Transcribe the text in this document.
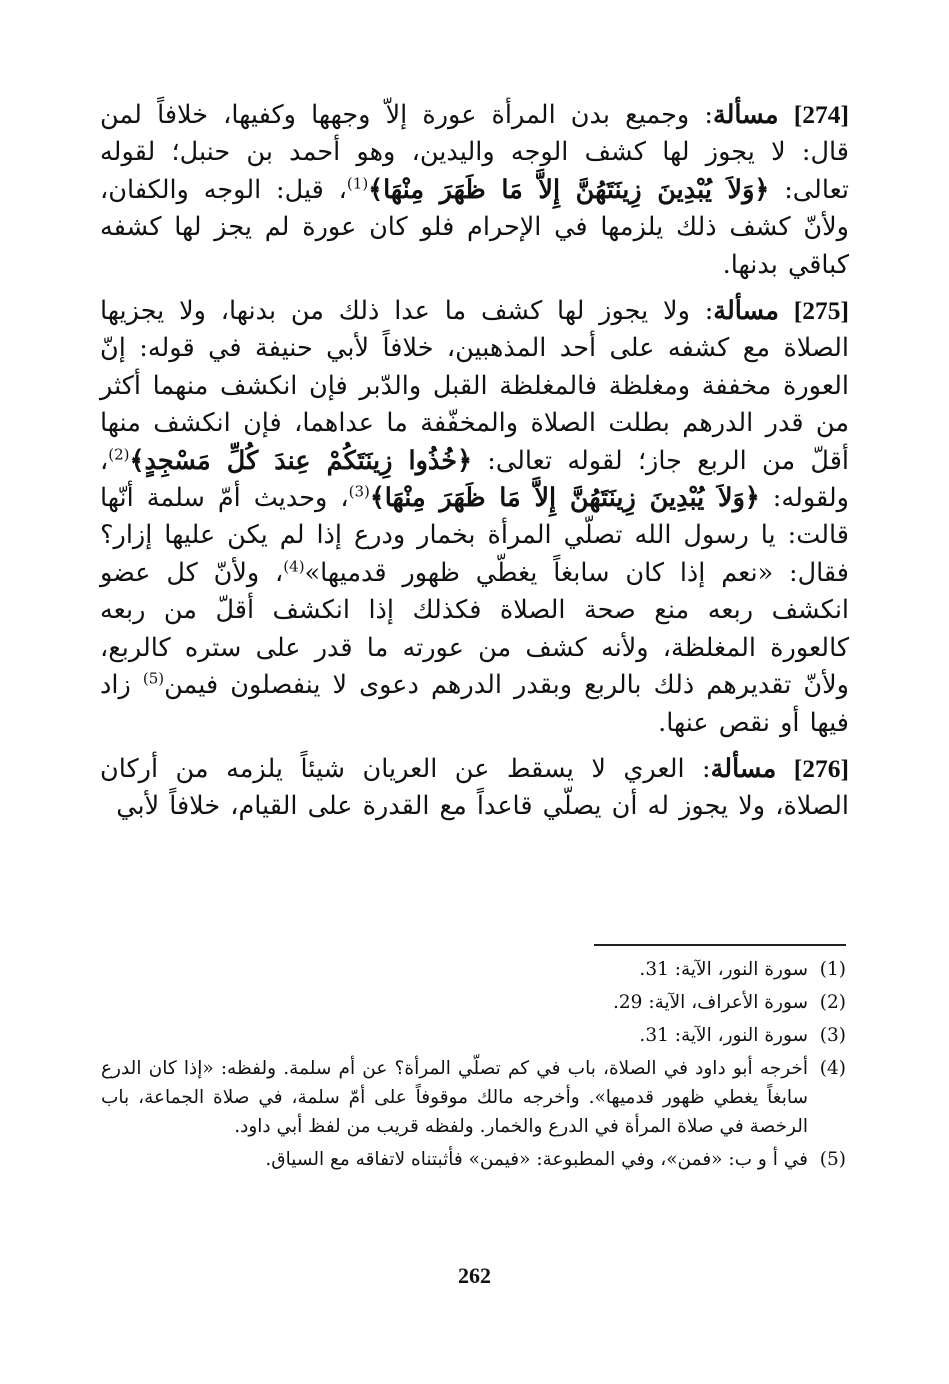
[274] مسألة: وجميع بدن المرأة عورة إلاّ وجهها وكفيها، خلافاً لمن قال: لا يجوز لها كشف الوجه واليدين، وهو أحمد بن حنبل؛ لقوله تعالى: ﴿وَلاَ يُبْدِينَ زِينَتَهُنَّ إِلاَّ مَا ظَهَرَ مِنْهَا﴾$^{(1)}$، قيل: الوجه والكفان، ولأنّ كشف ذلك يلزمها في الإحرام فلو كان عورة لم يجز لها كشفه كباقي بدنها.

[275] مسألة: ولا يجوز لها كشف ما عدا ذلك من بدنها، ولا يجزيها الصلاة مع كشفه على أحد المذهبين، خلافاً لأبي حنيفة في قوله: إنّ العورة مخففة ومغلظة فالمغلظة القبل والدّبر فإن انكشف منهما أكثر من قدر الدرهم بطلت الصلاة والمخفّفة ما عداهما، فإن انكشف منها أقلّ من الربع جاز؛ لقوله تعالى: ﴿خُذُوا زِينَتَكُمْ عِندَ كُلِّ مَسْجِدٍ﴾$^{(2)}$، ولقوله: ﴿وَلاَ يُبْدِينَ زِينَتَهُنَّ إِلاَّ مَا ظَهَرَ مِنْهَا﴾$^{(3)}$، وحديث أمّ سلمة أنّها قالت: يا رسول الله تصلّي المرأة بخمار ودرع إذا لم يكن عليها إزار؟ فقال: «نعم إذا كان سابغاً يغطّي ظهور قدميها»$^{(4)}$، ولأنّ كل عضو انكشف ربعه منع صحة الصلاة فكذلك إذا انكشف أقلّ من ربعه كالعورة المغلظة، ولأنه كشف من عورته ما قدر على ستره كالربع، ولأنّ تقديرهم ذلك بالربع وبقدر الدرهم دعوى لا ينفصلون فيمن$^{(5)}$ زاد فيها أو نقص عنها.

[276] مسألة: العري لا يسقط عن العريان شيئاً يلزمه من أركان الصلاة، ولا يجوز له أن يصلّي قاعداً مع القدرة على القيام، خلافاً لأبي

(1)
سورة النور، الآية: 31.
(2)
سورة الأعراف، الآية: 29.
(3)
سورة النور، الآية: 31.
(4)
أخرجه أبو داود في الصلاة، باب في كم تصلّي المرأة؟ عن أم سلمة. ولفظه: «إذا كان الدرع سابغاً يغطي ظهور قدميها». وأخرجه مالك موقوفاً على أمّ سلمة، في صلاة الجماعة، باب الرخصة في صلاة المرأة في الدرع والخمار. ولفظه قريب من لفظ أبي داود.
(5)
في أ و ب: «فمن»، وفي المطبوعة: «فيمن» فأثبتناه لاتفاقه مع السياق.
262
